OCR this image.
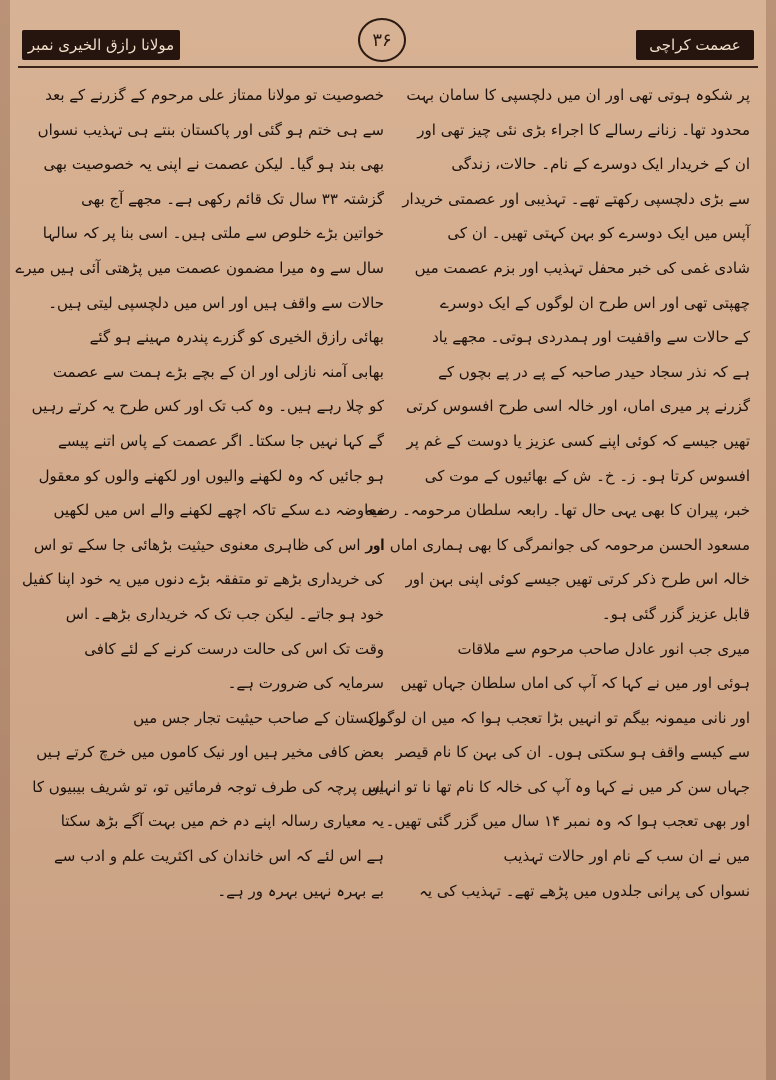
مولانا رازق الخیری نمبر	۳۶	عصمت کراچی
خصوصیت تو مولانا ممتاز علی مرحوم کے گزرنے کے بعد
سے ہی ختم ہو گئی اور پاکستان بنتے ہی تہذیب نسواں
بھی بند ہو گیا۔ لیکن عصمت نے اپنی یہ خصوصیت بھی
گزشتہ ۳۳ سال تک قائم رکھی ہے۔ مجھے آج بھی
خواتین بڑے خلوص سے ملتی ہیں۔ اسی بنا پر کہ سالہا
سال سے وہ میرا مضمون عصمت میں پڑھتی آئی ہیں میرے
حالات سے واقف ہیں اور اس میں دلچسپی لیتی ہیں۔
بھائی رازق الخیری کو گزرے پندرہ مہینے ہو گئے
بھابی آمنہ نازلی اور ان کے بچے بڑے ہمت سے عصمت
کو چلا رہے ہیں۔ وہ کب تک اور کس طرح یہ کرتے رہیں
گے کہا نہیں جا سکتا۔ اگر عصمت کے پاس اتنے پیسے
ہو جائیں کہ وہ لکھنے والیوں اور لکھنے والوں کو معقول
معاوضہ دے سکے تاکہ اچھے لکھنے والے اس میں لکھیں
اور اس کی ظاہری معنوی حیثیت بڑھائی جا سکے تو اس
کی خریداری بڑھے تو متفقہ بڑے دنوں میں یہ خود اپنا کفیل
خود ہو جاتے۔ لیکن جب تک کہ خریداری بڑھے۔ اس
وقت تک اس کی حالت درست کرنے کے لئے کافی
سرمایہ کی ضرورت ہے۔
پاکستان کے صاحب حیثیت تجار جس میں
بعض کافی مخیر ہیں اور نیک کاموں میں خرچ کرتے ہیں
اس پرچہ کی طرف توجہ فرمائیں تو، تو شریف بیبیوں کا
یہ معیاری رسالہ اپنے دم خم میں بہت آگے بڑھ سکتا
ہے اس لئے کہ اس خاندان کی اکثریت علم و ادب سے
بے بہرہ نہیں بہرہ ور ہے۔
پر شکوہ ہوتی تھی اور ان میں دلچسپی کا سامان بہت
محدود تھا۔ زنانے رسالے کا اجراء بڑی نئی چیز تھی اور
ان کے خریدار ایک دوسرے کے نام۔ حالات، زندگی
سے بڑی دلچسپی رکھتے تھے۔ تہذیبی اور عصمتی خریدار
آپس میں ایک دوسرے کو بہن کہتی تھیں۔ ان کی
شادی غمی کی خبر محفل تہذیب اور بزم عصمت میں
چھپتی تھی اور اس طرح ان لوگوں کے ایک دوسرے
کے حالات سے واقفیت اور ہمدردی ہوتی۔ مجھے یاد
ہے کہ نذر سجاد حیدر صاحبہ کے پے در پے بچوں کے
گزرنے پر میری اماں، اور خالہ اسی طرح افسوس کرتی
تھیں جیسے کہ کوئی اپنے کسی عزیز یا دوست کے غم پر
افسوس کرتا ہو۔ ز۔ خ۔ ش کے بھائیوں کے موت کی
خبر، پیران کا بھی یہی حال تھا۔ رابعہ سلطان مرحومہ۔ رضیہ
مسعود الحسن مرحومہ کی جوانمرگی کا بھی ہماری اماں اور
خالہ اس طرح ذکر کرتی تھیں جیسے کوئی اپنی بہن اور
قابل عزیز گزر گئی ہو۔
میری جب انور عادل صاحب مرحوم سے ملاقات
ہوئی اور میں نے کہا کہ آپ کی اماں سلطان جہاں تھیں
اور نانی میمونہ بیگم تو انہیں بڑا تعجب ہوا کہ میں ان لوگوں
سے کیسے واقف ہو سکتی ہوں۔ ان کی بہن کا نام قیصر
جہاں سن کر میں نے کہا وہ آپ کی خالہ کا نام تھا نا تو انہیں
اور بھی تعجب ہوا کہ وہ نمبر ۱۴ سال میں گزر گئی تھیں۔
میں نے ان سب کے نام اور حالات تہذیب
نسواں کی پرانی جلدوں میں پڑھے تھے۔ تہذیب کی یہ
